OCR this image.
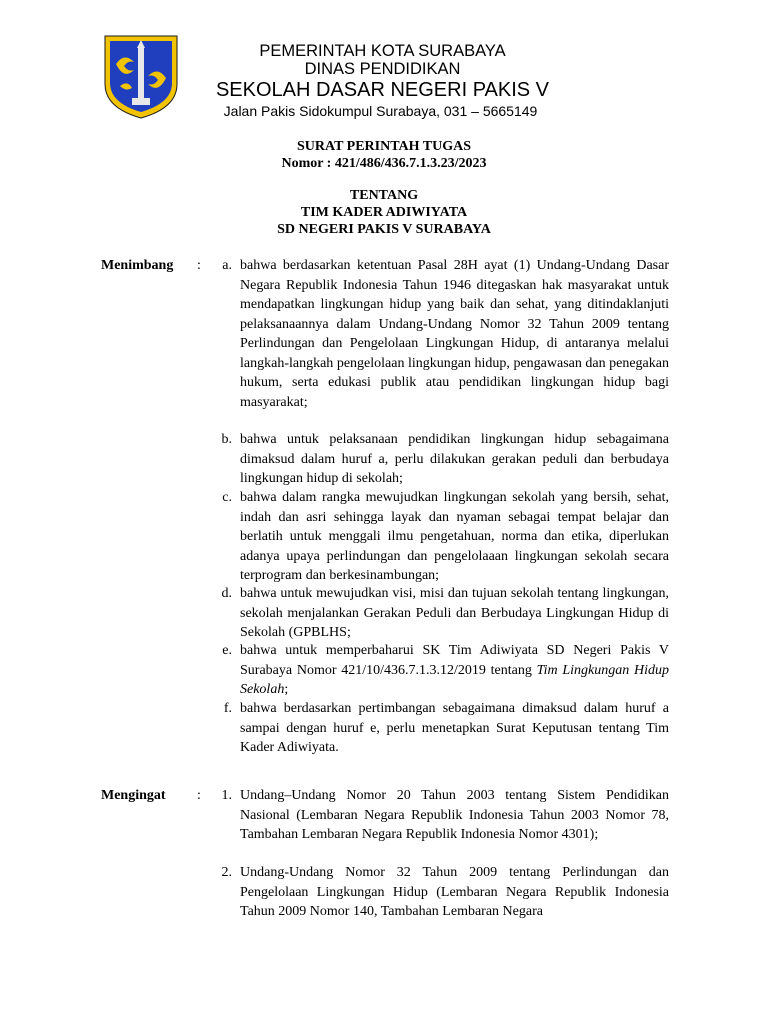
PEMERINTAH KOTA SURABAYA
DINAS PENDIDIKAN
SEKOLAH DASAR NEGERI PAKIS V
Jalan Pakis Sidokumpul Surabaya, 031 – 5665149
SURAT PERINTAH TUGAS
Nomor : 421/486/436.7.1.3.23/2023
TENTANG
TIM KADER ADIWIYATA
SD NEGERI PAKIS V SURABAYA
Menimbang :	a. bahwa berdasarkan ketentuan Pasal 28H ayat (1) Undang-Undang Dasar Negara Republik Indonesia Tahun 1946 ditegaskan hak masyarakat untuk mendapatkan lingkungan hidup yang baik dan sehat, yang ditindaklanjuti pelaksanaannya dalam Undang-Undang Nomor 32 Tahun 2009 tentang Perlindungan dan Pengelolaan Lingkungan Hidup, di antaranya melalui langkah-langkah pengelolaan lingkungan hidup, pengawasan dan penegakan hukum, serta edukasi publik atau pendidikan lingkungan hidup bagi masyarakat;
b. bahwa untuk pelaksanaan pendidikan lingkungan hidup sebagaimana dimaksud dalam huruf a, perlu dilakukan gerakan peduli dan berbudaya lingkungan hidup di sekolah;
c. bahwa dalam rangka mewujudkan lingkungan sekolah yang bersih, sehat, indah dan asri sehingga layak dan nyaman sebagai tempat belajar dan berlatih untuk menggali ilmu pengetahuan, norma dan etika, diperlukan adanya upaya perlindungan dan pengelolaaan lingkungan sekolah secara terprogram dan berkesinambungan;
d. bahwa untuk mewujudkan visi, misi dan tujuan sekolah tentang lingkungan, sekolah menjalankan Gerakan Peduli dan Berbudaya Lingkungan Hidup di Sekolah (GPBLHS;
e. bahwa untuk memperbaharui SK Tim Adiwiyata SD Negeri Pakis V Surabaya Nomor 421/10/436.7.1.3.12/2019 tentang Tim Lingkungan Hidup Sekolah;
f. bahwa berdasarkan pertimbangan sebagaimana dimaksud dalam huruf a sampai dengan huruf e, perlu menetapkan Surat Keputusan tentang Tim Kader Adiwiyata.
Mengingat :	1. Undang–Undang Nomor 20 Tahun 2003 tentang Sistem Pendidikan Nasional (Lembaran Negara Republik Indonesia Tahun 2003 Nomor 78, Tambahan Lembaran Negara Republik Indonesia Nomor 4301);
2. Undang-Undang Nomor 32 Tahun 2009 tentang Perlindungan dan Pengelolaan Lingkungan Hidup (Lembaran Negara Republik Indonesia Tahun 2009 Nomor 140, Tambahan Lembaran Negara
